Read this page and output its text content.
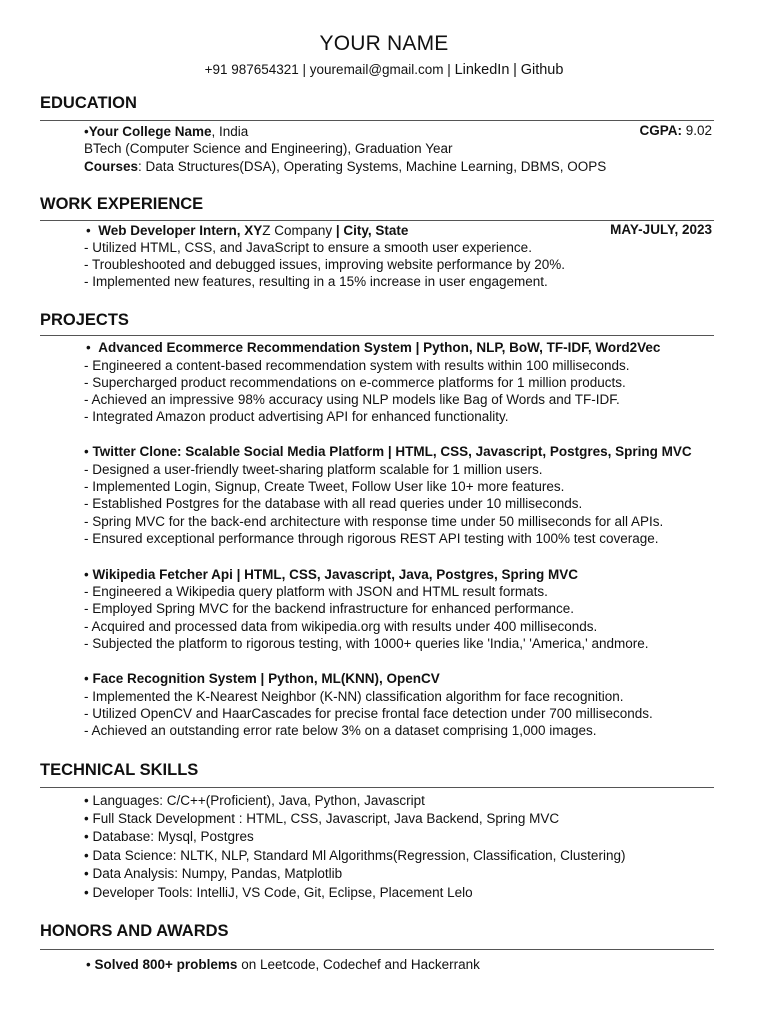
YOUR NAME
+91 987654321 | youremail@gmail.com | LinkedIn | Github
EDUCATION
•Your College Name, India	CGPA: 9.02
BTech (Computer Science and Engineering), Graduation Year
Courses: Data Structures(DSA), Operating Systems, Machine Learning, DBMS, OOPS
WORK EXPERIENCE
• Web Developer Intern, XYZ Company | City, State	MAY-JULY, 2023
- Utilized HTML, CSS, and JavaScript to ensure a smooth user experience.
- Troubleshooted and debugged issues, improving website performance by 20%.
- Implemented new features, resulting in a 15% increase in user engagement.
PROJECTS
• Advanced Ecommerce Recommendation System | Python, NLP, BoW, TF-IDF, Word2Vec
- Engineered a content-based recommendation system with results within 100 milliseconds.
- Supercharged product recommendations on e-commerce platforms for 1 million products.
- Achieved an impressive 98% accuracy using NLP models like Bag of Words and TF-IDF.
- Integrated Amazon product advertising API for enhanced functionality.
• Twitter Clone: Scalable Social Media Platform | HTML, CSS, Javascript, Postgres, Spring MVC
- Designed a user-friendly tweet-sharing platform scalable for 1 million users.
- Implemented Login, Signup, Create Tweet, Follow User like 10+ more features.
- Established Postgres for the database with all read queries under 10 milliseconds.
- Spring MVC for the back-end architecture with response time under 50 milliseconds for all APIs.
- Ensured exceptional performance through rigorous REST API testing with 100% test coverage.
• Wikipedia Fetcher Api | HTML, CSS, Javascript, Java, Postgres, Spring MVC
- Engineered a Wikipedia query platform with JSON and HTML result formats.
- Employed Spring MVC for the backend infrastructure for enhanced performance.
- Acquired and processed data from wikipedia.org with results under 400 milliseconds.
- Subjected the platform to rigorous testing, with 1000+ queries like 'India,' 'America,' andmore.
• Face Recognition System | Python, ML(KNN), OpenCV
- Implemented the K-Nearest Neighbor (K-NN) classification algorithm for face recognition.
- Utilized OpenCV and HaarCascades for precise frontal face detection under 700 milliseconds.
- Achieved an outstanding error rate below 3% on a dataset comprising 1,000 images.
TECHNICAL SKILLS
• Languages: C/C++(Proficient), Java, Python, Javascript
• Full Stack Development : HTML, CSS, Javascript, Java Backend, Spring MVC
• Database: Mysql, Postgres
• Data Science: NLTK, NLP, Standard Ml Algorithms(Regression, Classification, Clustering)
• Data Analysis: Numpy, Pandas, Matplotlib
• Developer Tools: IntelliJ, VS Code, Git, Eclipse, Placement Lelo
HONORS AND AWARDS
• Solved 800+ problems on Leetcode, Codechef and Hackerrank
